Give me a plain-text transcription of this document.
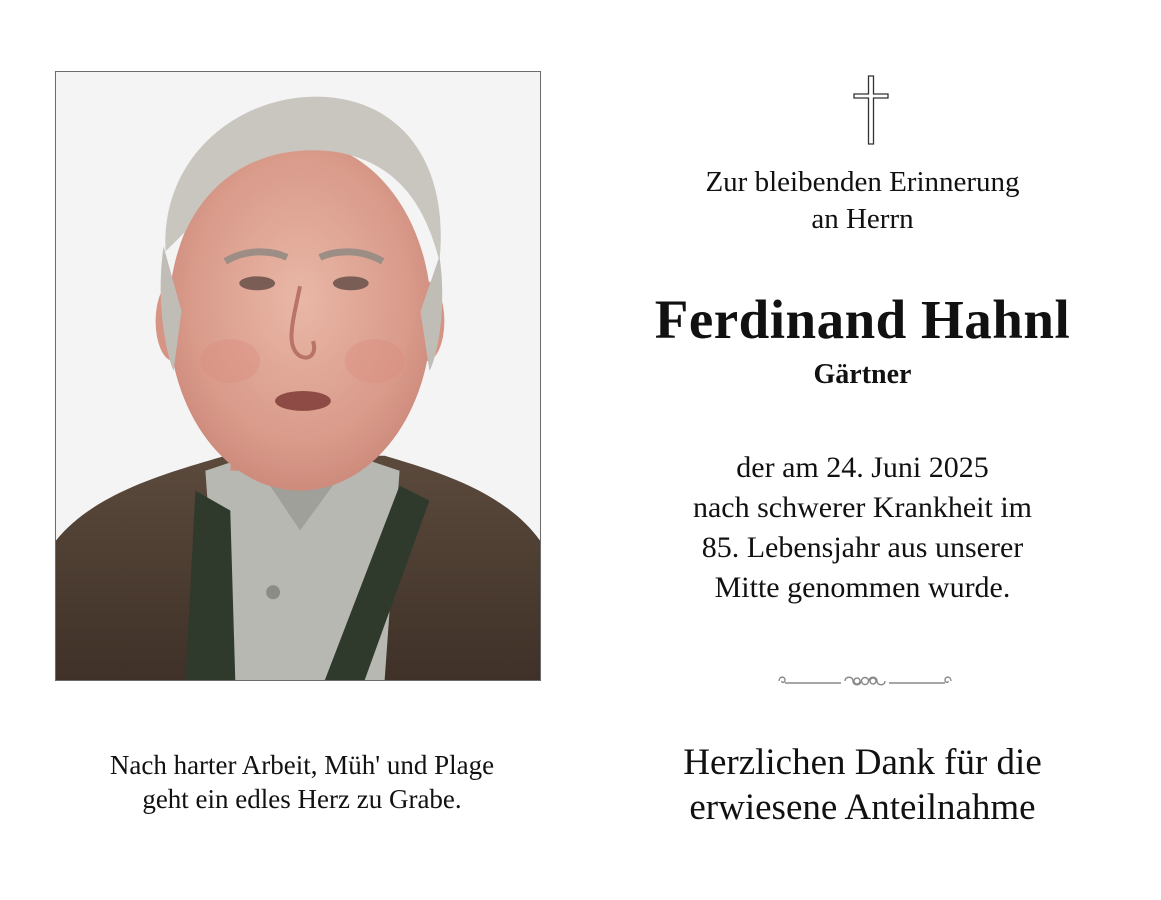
Nach harter Arbeit, Müh' und Plage
geht ein edles Herz zu Grabe.
Zur bleibenden Erinnerung
an Herrn
Ferdinand Hahnl
Gärtner
der am 24. Juni 2025
nach schwerer Krankheit im
85. Lebensjahr aus unserer
Mitte genommen wurde.
Herzlichen Dank für die
erwiesene Anteilnahme
